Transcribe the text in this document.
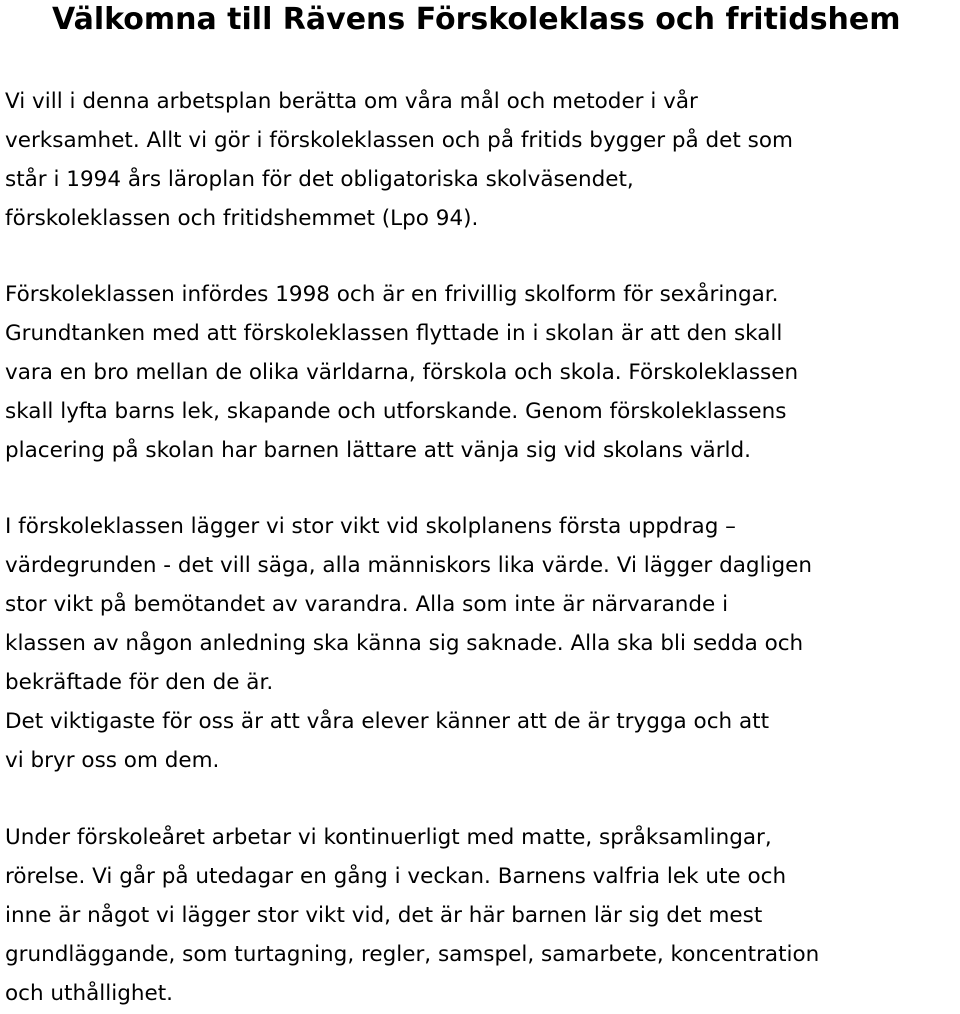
Välkomna till Rävens Förskoleklass och fritidshem

Vi vill i denna arbetsplan berätta om våra mål och metoder i vår
verksamhet. Allt vi gör i förskoleklassen och på fritids bygger på det som
står i 1994 års läroplan för det obligatoriska skolväsendet,
förskoleklassen och fritidshemmet (Lpo 94).

Förskoleklassen infördes 1998 och är en frivillig skolform för sexåringar.
Grundtanken med att förskoleklassen flyttade in i skolan är att den skall
vara en bro mellan de olika världarna, förskola och skola. Förskoleklassen
skall lyfta barns lek, skapande och utforskande. Genom förskoleklassens
placering på skolan har barnen lättare att vänja sig vid skolans värld.

I förskoleklassen lägger vi stor vikt vid skolplanens första uppdrag –
värdegrunden - det vill säga, alla människors lika värde. Vi lägger dagligen
stor vikt på bemötandet av varandra. Alla som inte är närvarande i
klassen av någon anledning ska känna sig saknade. Alla ska bli sedda och
bekräftade för den de är.

Det viktigaste för oss är att våra elever känner att de är trygga och att
vi bryr oss om dem.

Under förskoleåret arbetar vi kontinuerligt med matte, språksamlingar,
rörelse. Vi går på utedagar en gång i veckan. Barnens valfria lek ute och
inne är något vi lägger stor vikt vid, det är här barnen lär sig det mest
grundläggande, som turtagning, regler, samspel, samarbete, koncentration
och uthållighet.
